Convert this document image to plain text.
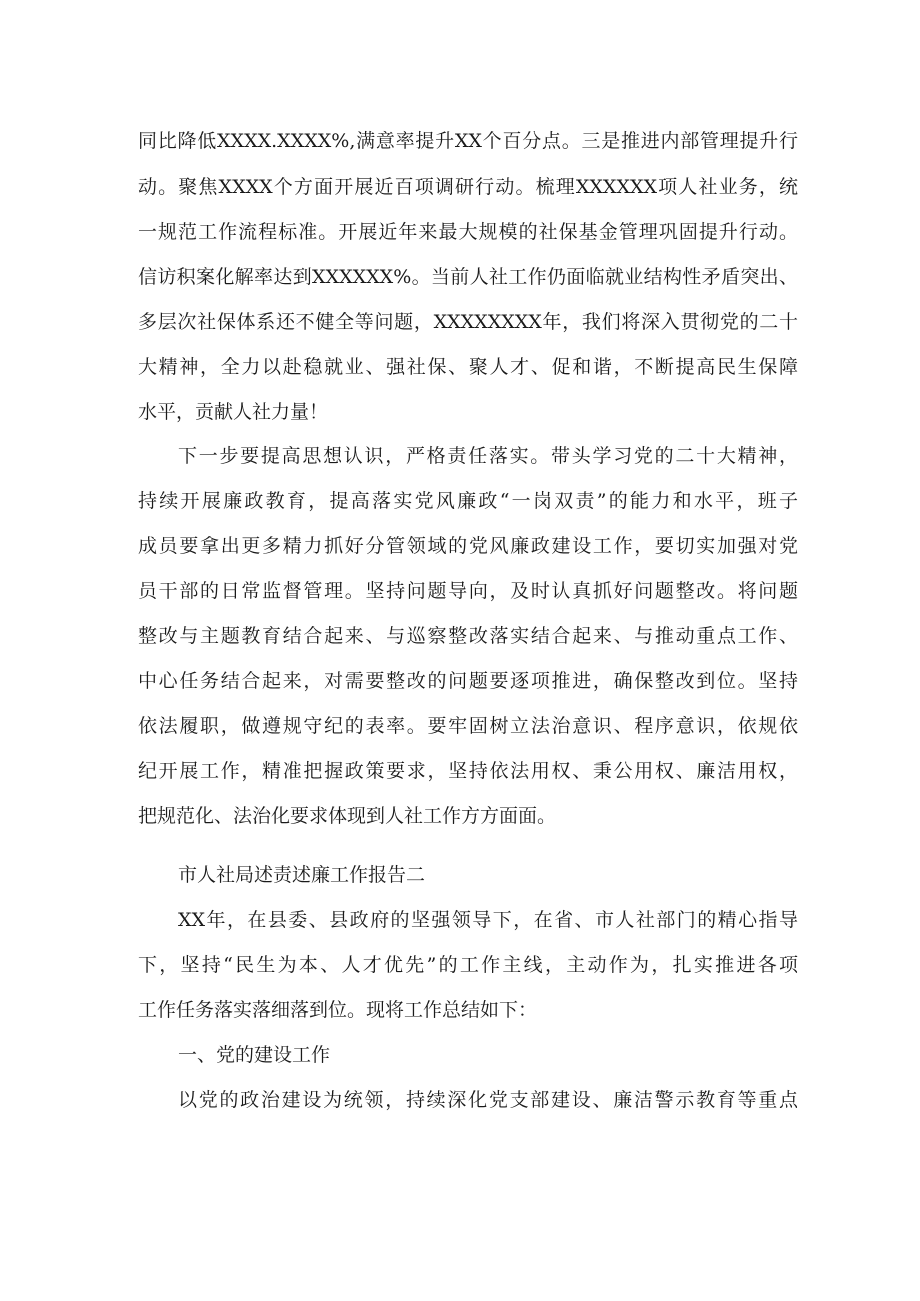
同比降低XXXX.XXXX%,满意率提升XX个百分点。三是推进内部管理提升行
动。聚焦XXXX个方面开展近百项调研行动。梳理XXXXXX项人社业务，统
一规范工作流程标准。开展近年来最大规模的社保基金管理巩固提升行动。
信访积案化解率达到XXXXXX%。当前人社工作仍面临就业结构性矛盾突出、
多层次社保体系还不健全等问题，XXXXXXXX年，我们将深入贯彻党的二十
大精神，全力以赴稳就业、强社保、聚人才、促和谐，不断提高民生保障
水平，贡献人社力量！
下一步要提高思想认识，严格责任落实。带头学习党的二十大精神，
持续开展廉政教育，提高落实党风廉政“一岗双责”的能力和水平，班子
成员要拿出更多精力抓好分管领域的党风廉政建设工作，要切实加强对党
员干部的日常监督管理。坚持问题导向，及时认真抓好问题整改。将问题
整改与主题教育结合起来、与巡察整改落实结合起来、与推动重点工作、
中心任务结合起来，对需要整改的问题要逐项推进，确保整改到位。坚持
依法履职，做遵规守纪的表率。要牢固树立法治意识、程序意识，依规依
纪开展工作，精准把握政策要求，坚持依法用权、秉公用权、廉洁用权，
把规范化、法治化要求体现到人社工作方方面面。
市人社局述责述廉工作报告二
XX年，在县委、县政府的坚强领导下，在省、市人社部门的精心指导
下，坚持“民生为本、人才优先”的工作主线，主动作为，扎实推进各项
工作任务落实落细落到位。现将工作总结如下：
一、党的建设工作
以党的政治建设为统领，持续深化党支部建设、廉洁警示教育等重点
